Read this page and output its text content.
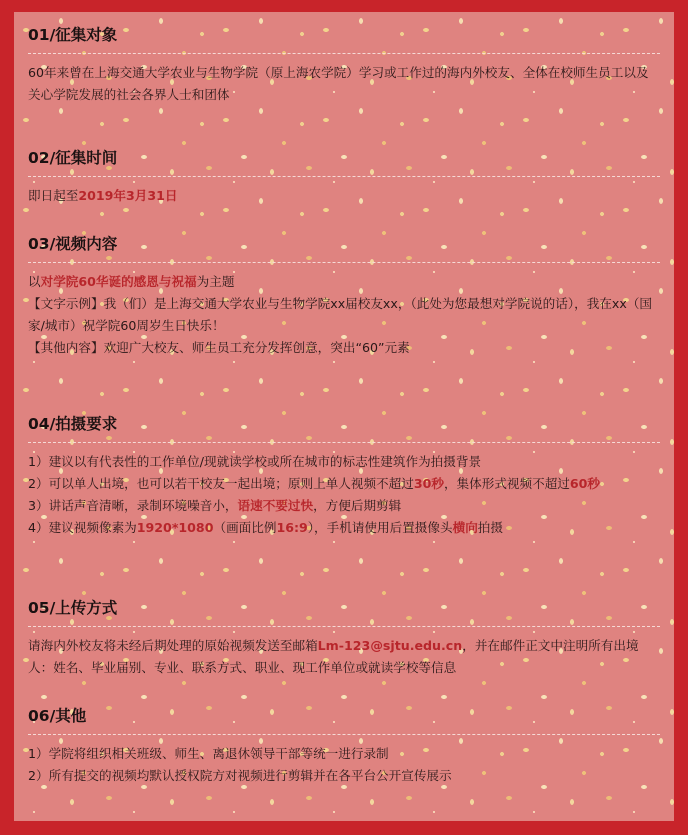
01/征集对象

60年来曾在上海交通大学农业与生物学院（原上海农学院）学习或工作过的海内外校友、全体在校师生员工以及关心学院发展的社会各界人士和团体

02/征集时间

即日起至2019年3月31日

03/视频内容

以对学院60华诞的感恩与祝福为主题

【文字示例】我（们）是上海交通大学农业与生物学院xx届校友xx，（此处为您最想对学院说的话），我在xx（国家/城市）祝学院60周岁生日快乐！

【其他内容】欢迎广大校友、师生员工充分发挥创意，突出“60”元素

04/拍摄要求

1）建议以有代表性的工作单位/现就读学校或所在城市的标志性建筑作为拍摄背景

2）可以单人出境，也可以若干校友一起出境；原则上单人视频不超过30秒，集体形式视频不超过60秒

3）讲话声音清晰，录制环境噪音小，语速不要过快，方便后期剪辑

4）建议视频像素为1920*1080（画面比例16:9），手机请使用后置摄像头横向拍摄

05/上传方式

请海内外校友将未经后期处理的原始视频发送至邮箱Lm-123@sjtu.edu.cn，并在邮件正文中注明所有出境人：姓名、毕业届别、专业、联系方式、职业、现工作单位或就读学校等信息

06/其他

1）学院将组织相关班级、师生、离退休领导干部等统一进行录制

2）所有提交的视频均默认授权院方对视频进行剪辑并在各平台公开宣传展示
